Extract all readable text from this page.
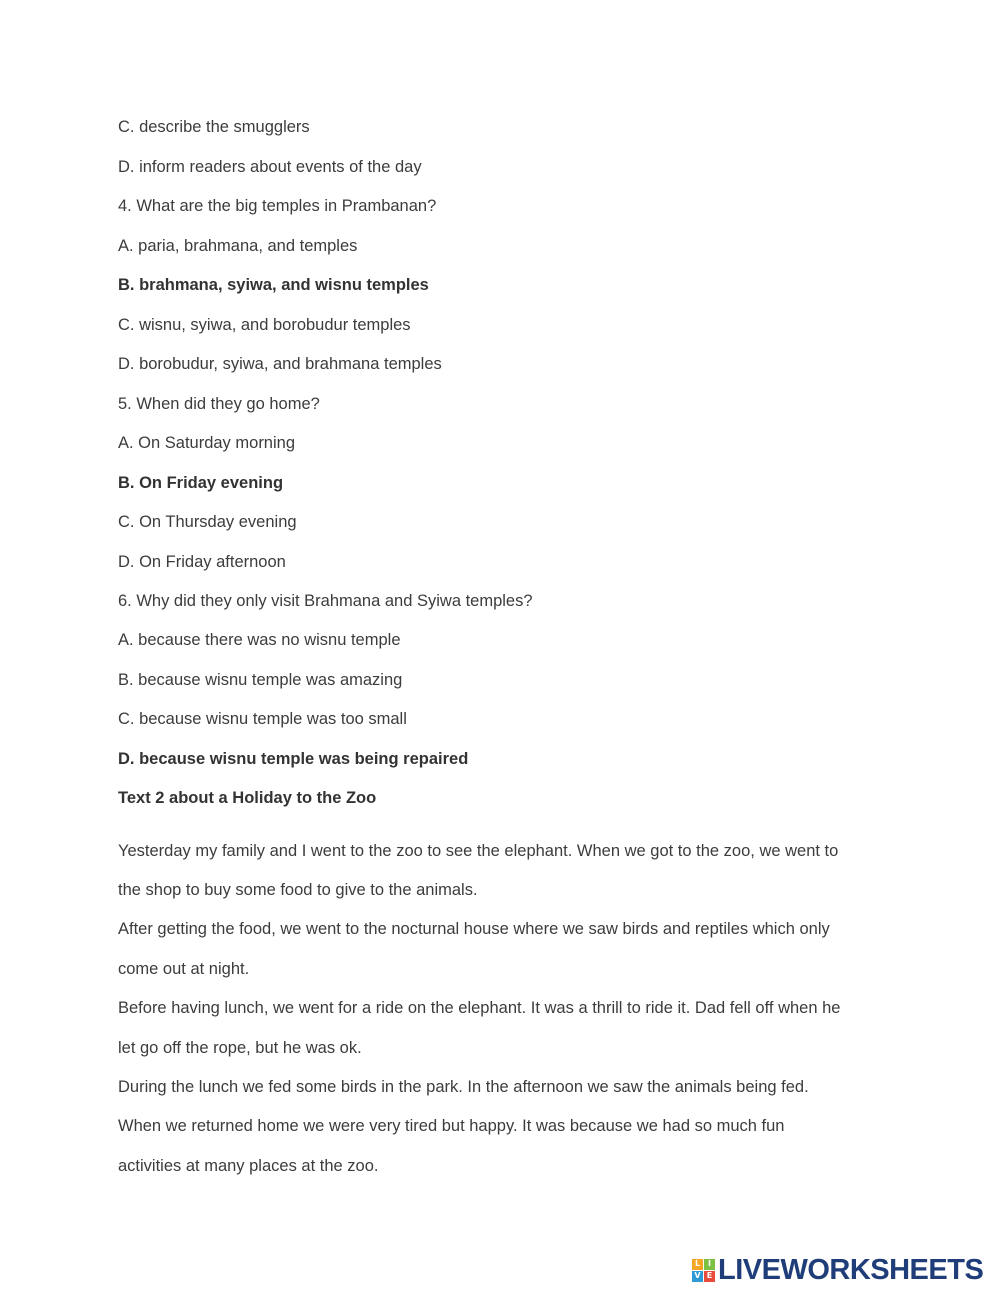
C. describe the smugglers
D. inform readers about events of the day
4. What are the big temples in Prambanan?
A. paria, brahmana, and temples
B. brahmana, syiwa, and wisnu temples
C. wisnu, syiwa, and borobudur temples
D. borobudur, syiwa, and brahmana temples
5. When did they go home?
A. On Saturday morning
B. On Friday evening
C. On Thursday evening
D. On Friday afternoon
6. Why did they only visit Brahmana and Syiwa temples?
A. because there was no wisnu temple
B. because wisnu temple was amazing
C. because wisnu temple was too small
D. because wisnu temple was being repaired
Text 2 about a Holiday to the Zoo
Yesterday my family and I went to the zoo to see the elephant. When we got to the zoo, we went to
the shop to buy some food to give to the animals.
After getting the food, we went to the nocturnal house where we saw birds and reptiles which only
come out at night.
Before having lunch, we went for a ride on the elephant. It was a thrill to ride it. Dad fell off when he
let go off the rope, but he was ok.
During the lunch we fed some birds in the park. In the afternoon we saw the animals being fed.
When we returned home we were very tired but happy. It was because we had so much fun
activities at many places at the zoo.
L I
V E LIVEWORKSHEETS
